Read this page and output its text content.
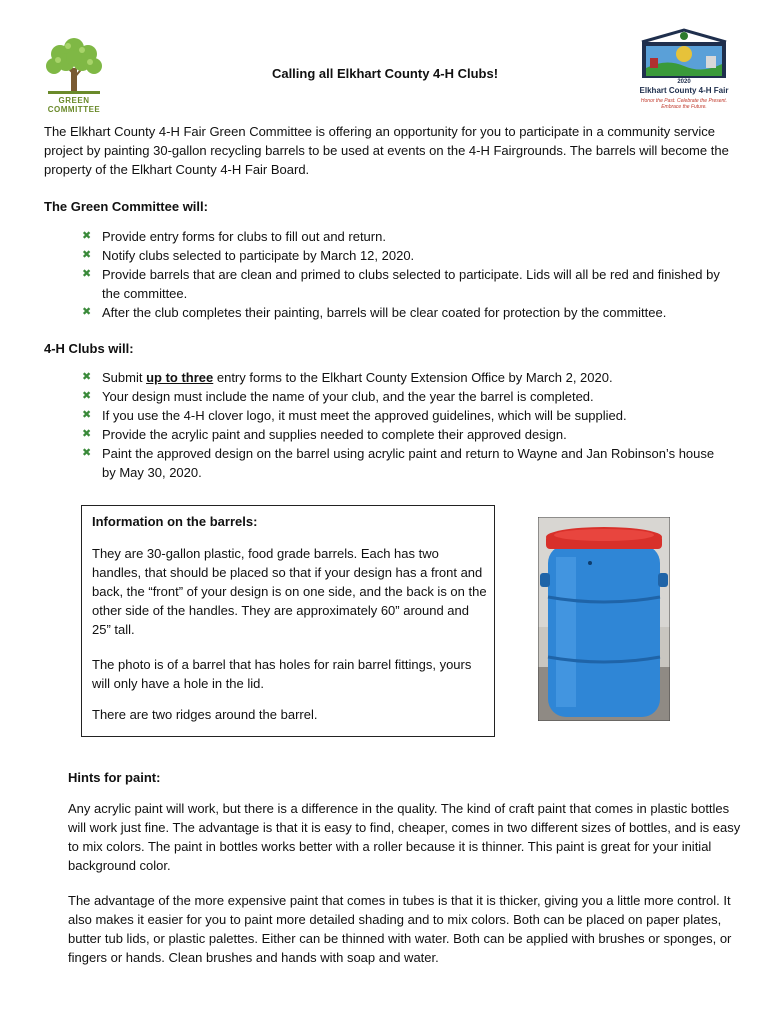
GREEN COMMITTEE
2020
Elkhart County 4-H Fair
Honor the Past. Celebrate the Present. Embrace the Future.
Calling all Elkhart County 4-H Clubs!
The Elkhart County 4-H Fair Green Committee is offering an opportunity for you to participate in a community service project by painting 30-gallon recycling barrels to be used at events on the 4-H Fairgrounds. The barrels will become the property of the Elkhart County 4-H Fair Board.
The Green Committee will:
✖ Provide entry forms for clubs to fill out and return.
✖ Notify clubs selected to participate by March 12, 2020.
✖ Provide barrels that are clean and primed to clubs selected to participate. Lids will all be red and finished by the committee.
✖ After the club completes their painting, barrels will be clear coated for protection by the committee.
4-H Clubs will:
✖ Submit up to three entry forms to the Elkhart County Extension Office by March 2, 2020.
✖ Your design must include the name of your club, and the year the barrel is completed.
✖ If you use the 4-H clover logo, it must meet the approved guidelines, which will be supplied.
✖ Provide the acrylic paint and supplies needed to complete their approved design.
✖ Paint the approved design on the barrel using acrylic paint and return to Wayne and Jan Robinson’s house by May 30, 2020.
Information on the barrels:
They are 30-gallon plastic, food grade barrels. Each has two handles, that should be placed so that if your design has a front and back, the “front” of your design is on one side, and the back is on the other side of the handles. They are approximately 60” around and 25” tall.
The photo is of a barrel that has holes for rain barrel fittings, yours will only have a hole in the lid.
There are two ridges around the barrel.
Hints for paint:
Any acrylic paint will work, but there is a difference in the quality. The kind of craft paint that comes in plastic bottles will work just fine. The advantage is that it is easy to find, cheaper, comes in two different sizes of bottles, and is easy to mix colors. The paint in bottles works better with a roller because it is thinner. This paint is great for your initial background color.
The advantage of the more expensive paint that comes in tubes is that it is thicker, giving you a little more control. It also makes it easier for you to paint more detailed shading and to mix colors. Both can be placed on paper plates, butter tub lids, or plastic palettes. Either can be thinned with water. Both can be applied with brushes or sponges, or fingers or hands. Clean brushes and hands with soap and water.
